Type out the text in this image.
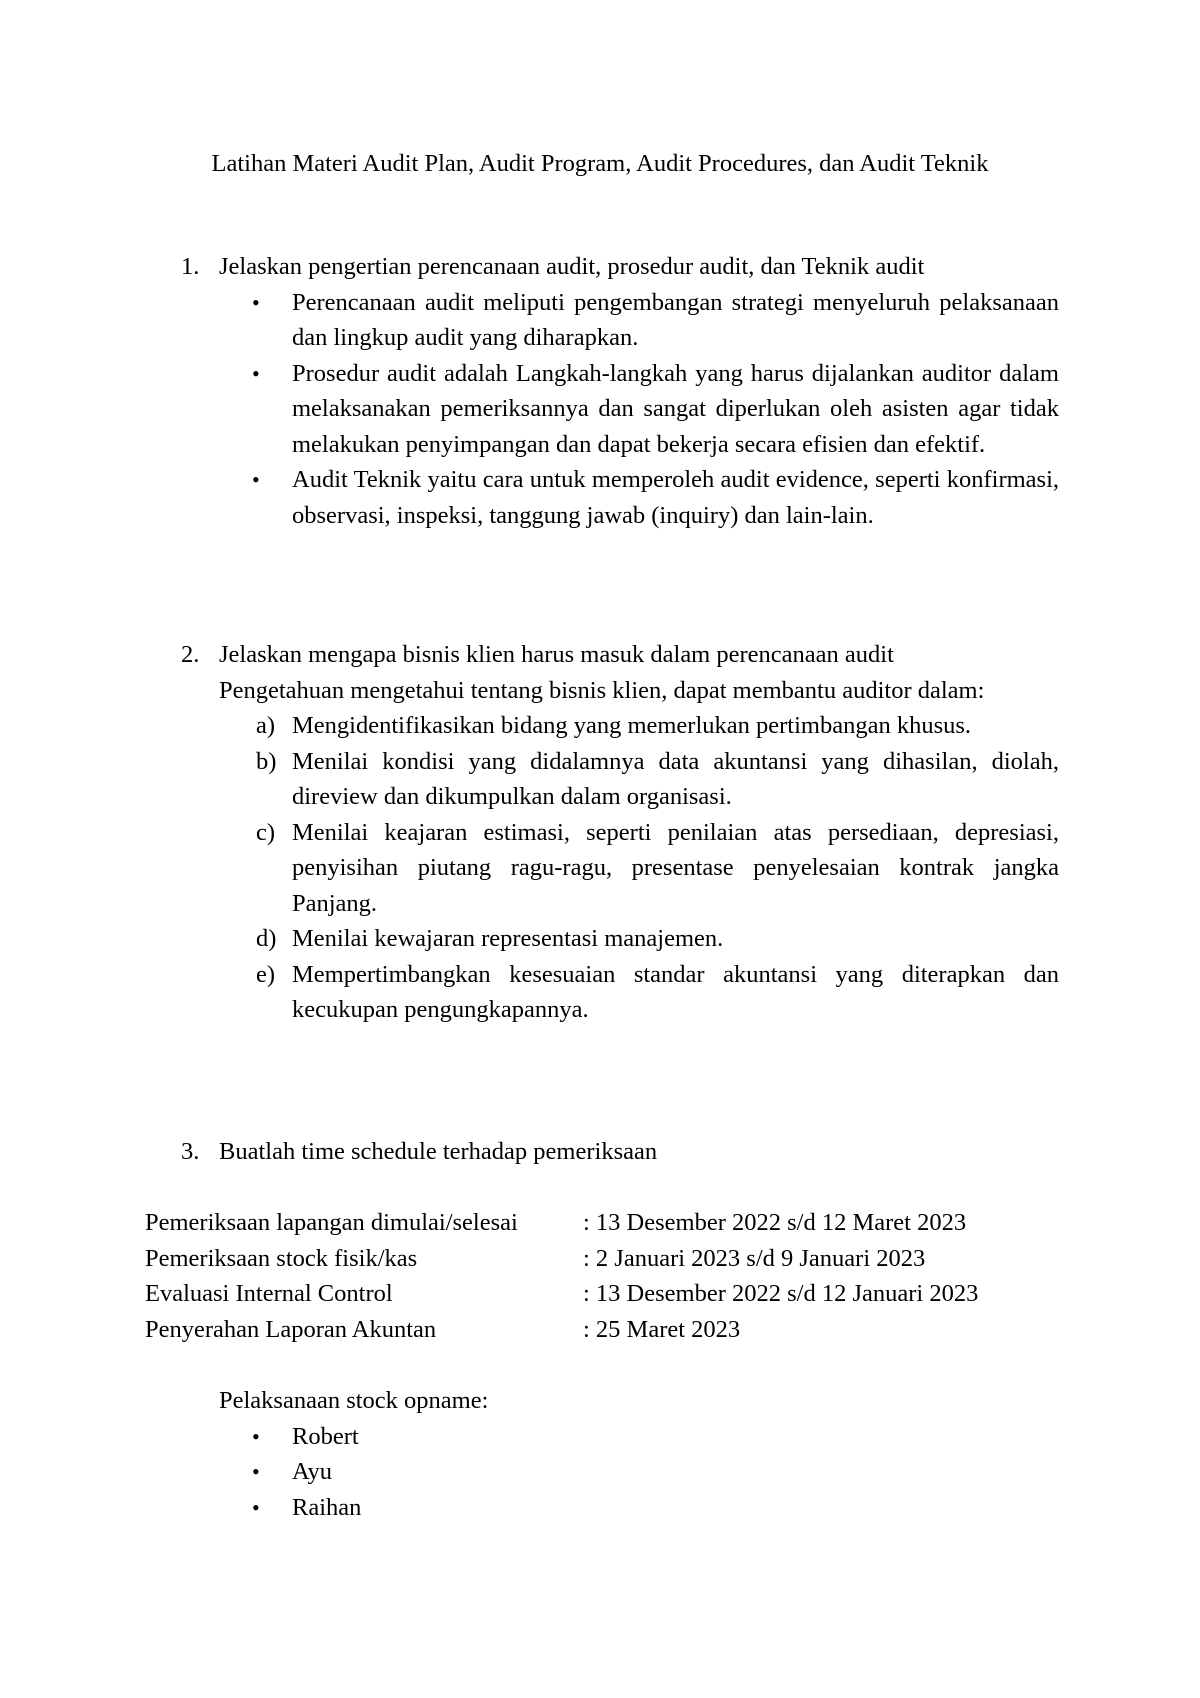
Latihan Materi Audit Plan, Audit Program, Audit Procedures, dan Audit Teknik
1. Jelaskan pengertian perencanaan audit, prosedur audit, dan Teknik audit
• Perencanaan audit meliputi pengembangan strategi menyeluruh pelaksanaan dan lingkup audit yang diharapkan.
• Prosedur audit adalah Langkah-langkah yang harus dijalankan auditor dalam melaksanakan pemeriksannya dan sangat diperlukan oleh asisten agar tidak melakukan penyimpangan dan dapat bekerja secara efisien dan efektif.
• Audit Teknik yaitu cara untuk memperoleh audit evidence, seperti konfirmasi, observasi, inspeksi, tanggung jawab (inquiry) dan lain-lain.
2. Jelaskan mengapa bisnis klien harus masuk dalam perencanaan audit
Pengetahuan mengetahui tentang bisnis klien, dapat membantu auditor dalam:
a) Mengidentifikasikan bidang yang memerlukan pertimbangan khusus.
b) Menilai kondisi yang didalamnya data akuntansi yang dihasilan, diolah, direview dan dikumpulkan dalam organisasi.
c) Menilai keajaran estimasi, seperti penilaian atas persediaan, depresiasi, penyisihan piutang ragu-ragu, presentase penyelesaian kontrak jangka Panjang.
d) Menilai kewajaran representasi manajemen.
e) Mempertimbangkan kesesuaian standar akuntansi yang diterapkan dan kecukupan pengungkapannya.
3. Buatlah time schedule terhadap pemeriksaan
Pemeriksaan lapangan dimulai/selesai	: 13 Desember 2022 s/d 12 Maret 2023
Pemeriksaan stock fisik/kas	: 2 Januari 2023 s/d 9 Januari 2023
Evaluasi Internal Control	: 13 Desember 2022 s/d 12 Januari 2023
Penyerahan Laporan Akuntan	: 25 Maret 2023
Pelaksanaan stock opname:
• Robert
• Ayu
• Raihan
